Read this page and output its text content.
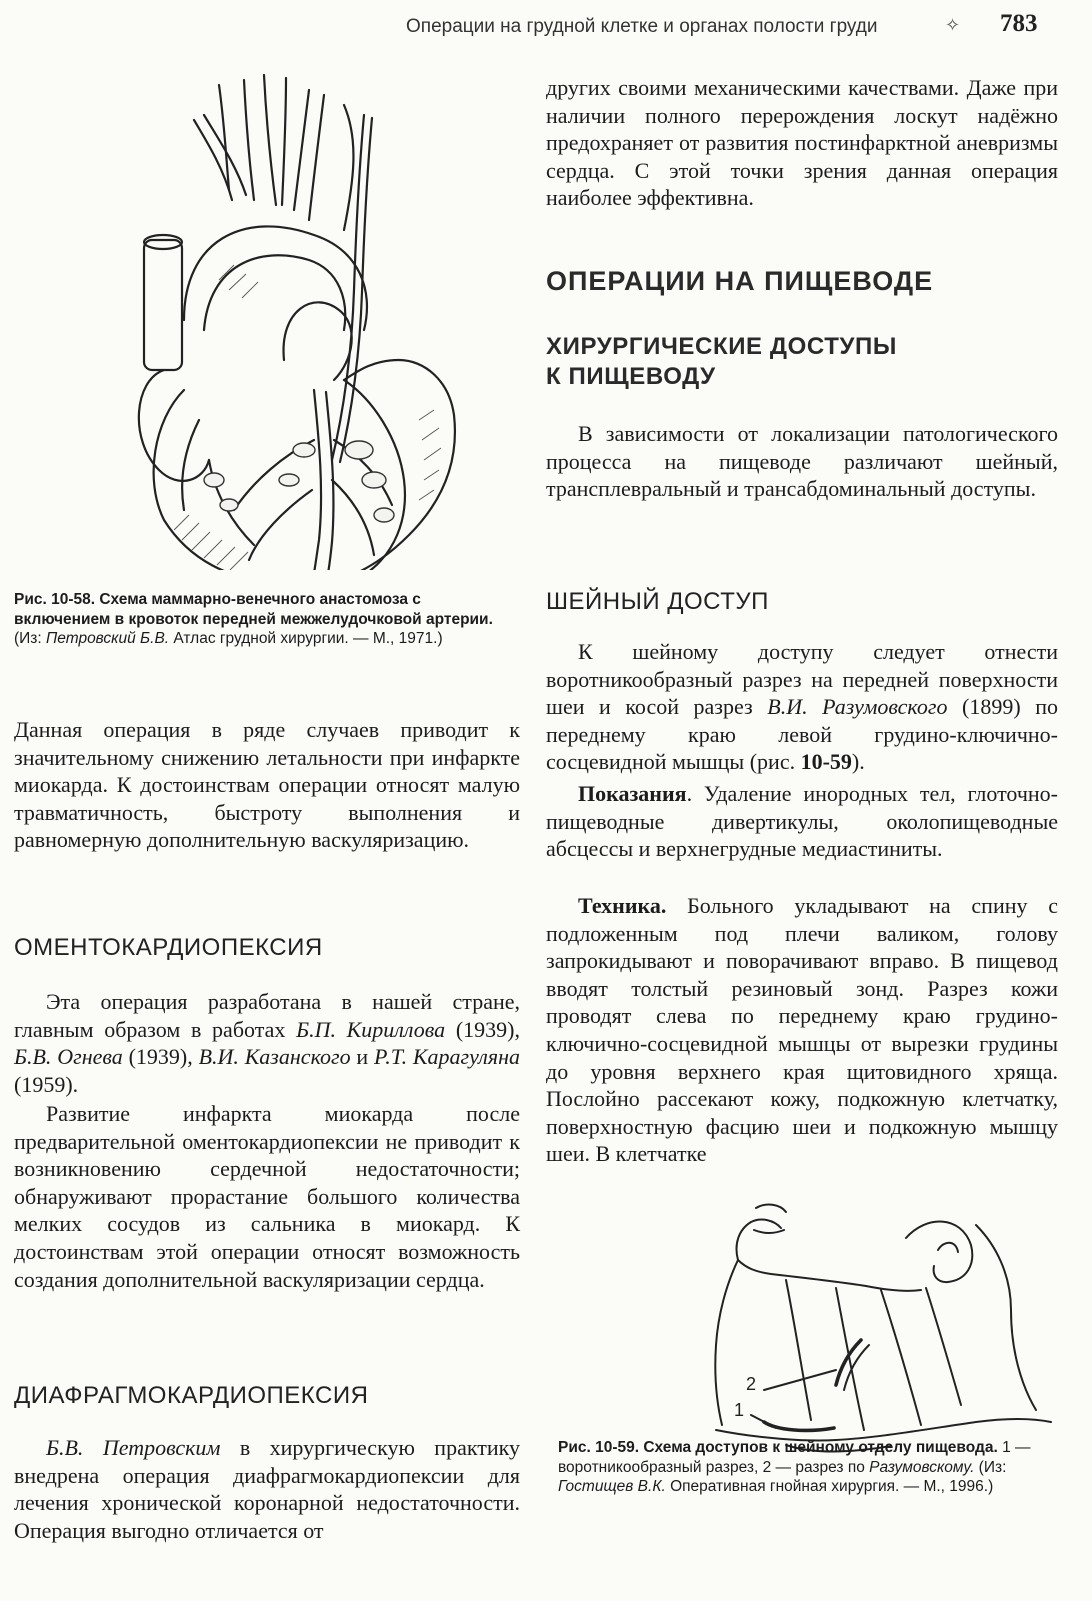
Операции на грудной клетке и органах полости груди	✧ 783

Рис. 10-58. Схема маммарно-венечного анастомоза с включением в кровоток передней межжелудочковой артерии. (Из: Петровский Б.В. Атлас грудной хирургии. — М., 1971.)

Данная операция в ряде случаев приводит к значительному снижению летальности при инфаркте миокарда. К достоинствам операции относят малую травматичность, быстроту выполнения и равномерную дополнительную васкуляризацию.

ОМЕНТОКАРДИОПЕКСИЯ

Эта операция разработана в нашей стране, главным образом в работах Б.П. Кириллова (1939), Б.В. Огнева (1939), В.И. Казанского и Р.Т. Карагуляна (1959).

Развитие инфаркта миокарда после предварительной оментокардиопексии не приводит к возникновению сердечной недостаточности; обнаруживают прорастание большого количества мелких сосудов из сальника в миокард. К достоинствам этой операции относят возможность создания дополнительной васкуляризации сердца.

ДИАФРАГМОКАРДИОПЕКСИЯ

Б.В. Петровским в хирургическую практику внедрена операция диафрагмокардиопексии для лечения хронической коронарной недостаточности. Операция выгодно отличается от

других своими механическими качествами. Даже при наличии полного перерождения лоскут надёжно предохраняет от развития постинфарктной аневризмы сердца. С этой точки зрения данная операция наиболее эффективна.

ОПЕРАЦИИ НА ПИЩЕВОДЕ
ХИРУРГИЧЕСКИЕ ДОСТУПЫ
К ПИЩЕВОДУ

В зависимости от локализации патологического процесса на пищеводе различают шейный, трансплевральный и трансабдоминальный доступы.

ШЕЙНЫЙ ДОСТУП

К шейному доступу следует отнести воротникообразный разрез на передней поверхности шеи и косой разрез В.И. Разумовского (1899) по переднему краю левой грудино-ключично-сосцевидной мышцы (рис. 10-59).

Показания. Удаление инородных тел, глоточно-пищеводные дивертикулы, околопищеводные абсцессы и верхнегрудные медиастиниты.

Техника. Больного укладывают на спину с подложенным под плечи валиком, голову запрокидывают и поворачивают вправо. В пищевод вводят толстый резиновый зонд. Разрез кожи проводят слева по переднему краю грудино-ключично-сосцевидной мышцы от вырезки грудины до уровня верхнего края щитовидного хряща. Послойно рассекают кожу, подкожную клетчатку, поверхностную фасцию шеи и подкожную мышцу шеи. В клетчатке

2
1

Рис. 10-59. Схема доступов к шейному отделу пищевода. 1 — воротникообразный разрез, 2 — разрез по Разумовскому. (Из: Гостищев В.К. Оперативная гнойная хирургия. — М., 1996.)
